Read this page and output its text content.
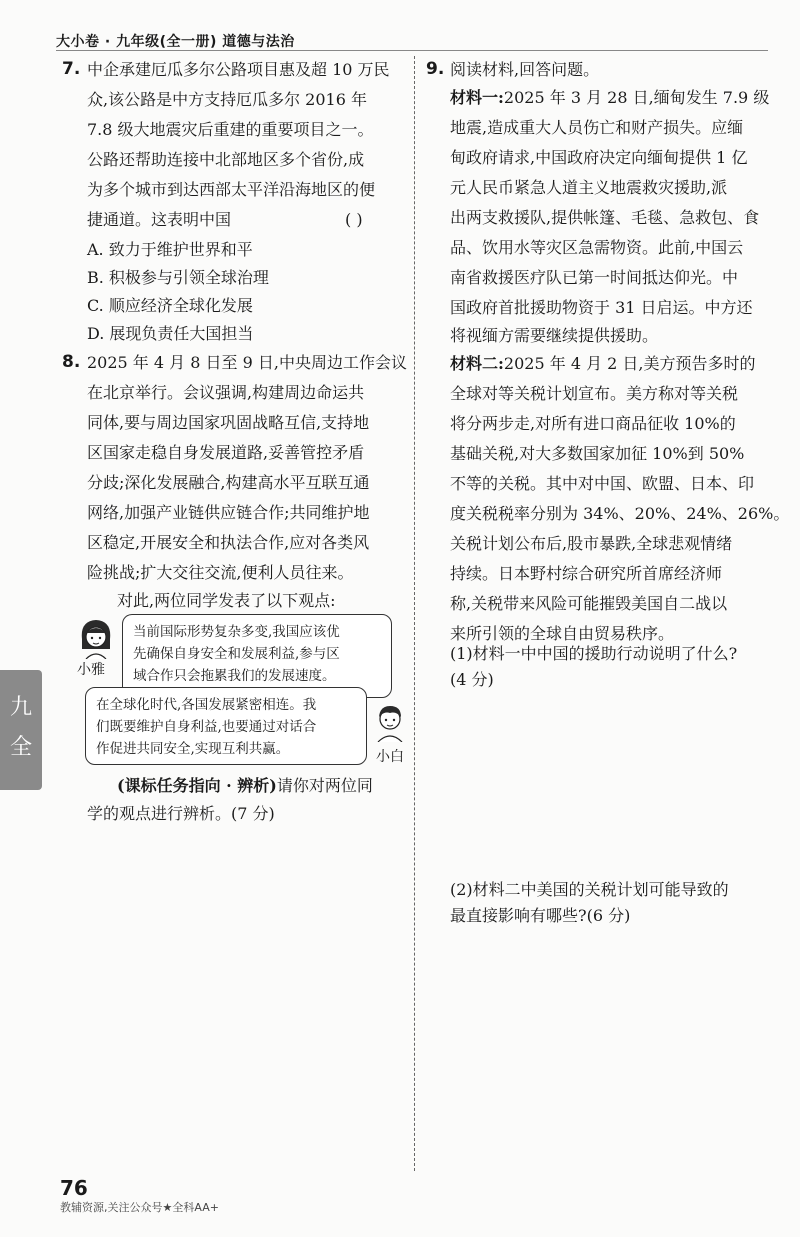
大小卷 · 九年级(全一册) 道德与法治
九
全
7. 中企承建厄瓜多尔公路项目惠及超 10 万民
众,该公路是中方支持厄瓜多尔 2016 年
7.8 级大地震灾后重建的重要项目之一。
公路还帮助连接中北部地区多个省份,成
为多个城市到达西部太平洋沿海地区的便
捷通道。这表明中国	( )
A. 致力于维护世界和平
B. 积极参与引领全球治理
C. 顺应经济全球化发展
D. 展现负责任大国担当
8. 2025 年 4 月 8 日至 9 日,中央周边工作会议
在北京举行。会议强调,构建周边命运共
同体,要与周边国家巩固战略互信,支持地
区国家走稳自身发展道路,妥善管控矛盾
分歧;深化发展融合,构建高水平互联互通
网络,加强产业链供应链合作;共同维护地
区稳定,开展安全和执法合作,应对各类风
险挑战;扩大交往交流,便利人员往来。
对此,两位同学发表了以下观点:
小雅
当前国际形势复杂多变,我国应该优
先确保自身安全和发展利益,参与区
域合作只会拖累我们的发展速度。
在全球化时代,各国发展紧密相连。我
们既要维护自身利益,也要通过对话合
作促进共同安全,实现互利共赢。	小白
(课标任务指向 · 辨析)请你对两位同
学的观点进行辨析。(7 分)
9. 阅读材料,回答问题。
材料一:2025 年 3 月 28 日,缅甸发生 7.9 级
地震,造成重大人员伤亡和财产损失。应缅
甸政府请求,中国政府决定向缅甸提供 1 亿
元人民币紧急人道主义地震救灾援助,派
出两支救援队,提供帐篷、毛毯、急救包、食
品、饮用水等灾区急需物资。此前,中国云
南省救援医疗队已第一时间抵达仰光。中
国政府首批援助物资于 31 日启运。中方还
将视缅方需要继续提供援助。
材料二:2025 年 4 月 2 日,美方预告多时的
全球对等关税计划宣布。美方称对等关税
将分两步走,对所有进口商品征收 10%的
基础关税,对大多数国家加征 10%到 50%
不等的关税。其中对中国、欧盟、日本、印
度关税税率分别为 34%、20%、24%、26%。
关税计划公布后,股市暴跌,全球悲观情绪
持续。日本野村综合研究所首席经济师
称,关税带来风险可能摧毁美国自二战以
来所引领的全球自由贸易秩序。
(1)材料一中中国的援助行动说明了什么?
(4 分)
(2)材料二中美国的关税计划可能导致的
最直接影响有哪些?(6 分)
76
教辅资源,关注公众号★全科AA+
